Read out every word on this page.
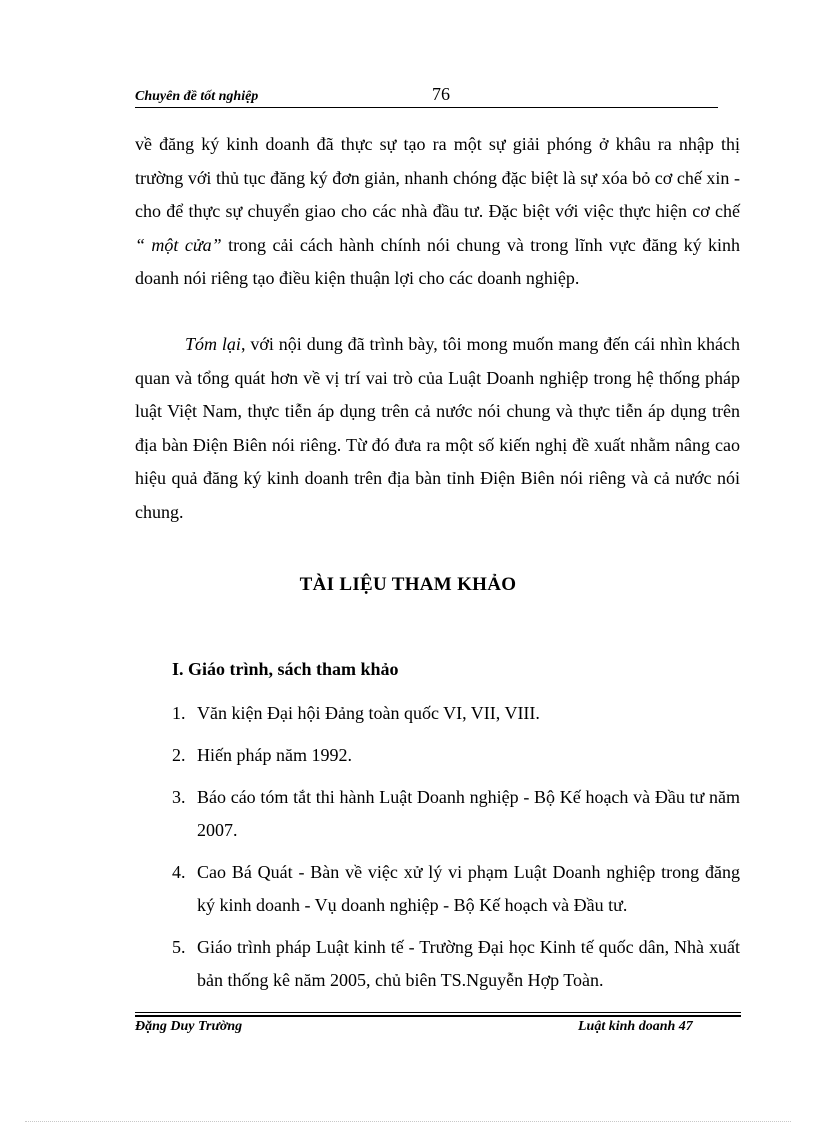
Chuyên đề tốt nghiệp	76

về đăng ký kinh doanh đã thực sự tạo ra một sự giải phóng ở khâu ra nhập thị trường với thủ tục đăng ký đơn giản, nhanh chóng đặc biệt là sự xóa bỏ cơ chế xin - cho để thực sự chuyển giao cho các nhà đầu tư. Đặc biệt với việc thực hiện cơ chế “ một cửa” trong cải cách hành chính nói chung và trong lĩnh vực đăng ký kinh doanh nói riêng tạo điều kiện thuận lợi cho các doanh nghiệp.

Tóm lại, với nội dung đã trình bày, tôi mong muốn mang đến cái nhìn khách quan và tổng quát hơn về vị trí vai trò của Luật Doanh nghiệp trong hệ thống pháp luật Việt Nam, thực tiễn áp dụng trên cả nước nói chung và thực tiễn áp dụng trên địa bàn Điện Biên nói riêng. Từ đó đưa ra một số kiến nghị đề xuất nhằm nâng cao hiệu quả đăng ký kinh doanh trên địa bàn tỉnh Điện Biên nói riêng và cả nước nói chung.

TÀI LIỆU THAM KHẢO
I. Giáo trình, sách tham khảo
1. Văn kiện Đại hội Đảng toàn quốc VI, VII, VIII.
2. Hiến pháp năm 1992.
3. Báo cáo tóm tắt thi hành Luật Doanh nghiệp - Bộ Kế hoạch và Đầu tư năm 2007.
4. Cao Bá Quát - Bàn về việc xử lý vi phạm Luật Doanh nghiệp trong đăng ký kinh doanh - Vụ doanh nghiệp - Bộ Kế hoạch và Đầu tư.
5. Giáo trình pháp Luật kinh tế - Trường Đại học Kinh tế quốc dân, Nhà xuất bản thống kê năm 2005, chủ biên TS.Nguyễn Hợp Toàn.
Đặng Duy Trường	Luật kinh doanh 47
